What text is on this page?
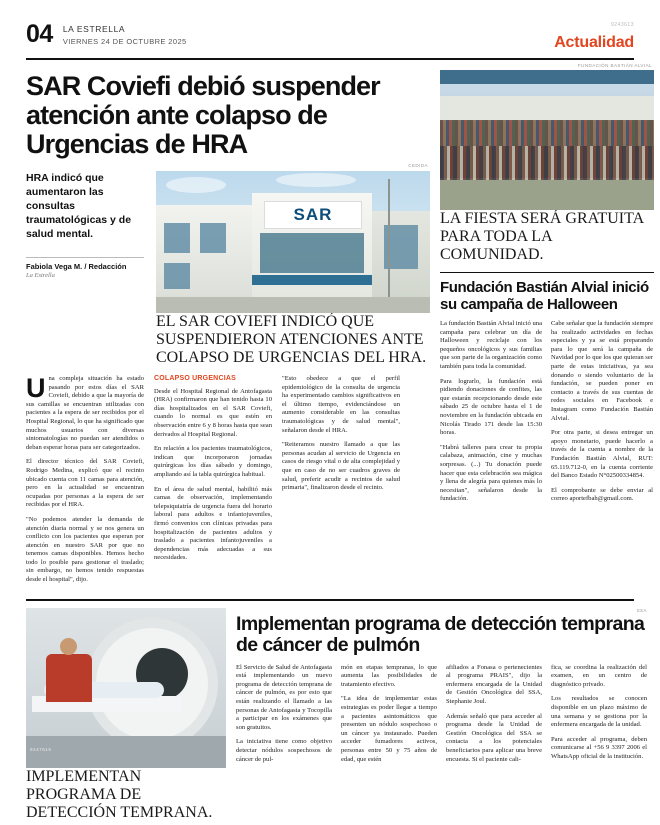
04 LA ESTRELLA
VIERNES 24 DE OCTUBRE 2025
9243613
Actualidad
SAR Coviefi debió suspender atención ante colapso de Urgencias de HRA
HRA indicó que aumentaron las consultas traumatológicas y de salud mental.
Fabiola Vega M. / Redacción
La Estrella
CEDIDA
SAR
EL SAR COVIEFI INDICÓ QUE SUSPENDIERON ATENCIONES ANTE COLAPSO DE URGENCIAS DEL HRA.

Una compleja situación ha estado pasando por estos días el SAR Coviefi, debido a que la mayoría de sus camillas se encuentran utilizadas con pacientes a la espera de ser recibidos por el Hospital Regional, lo que ha significado que muchos usuarios con diversas sintomatologías no puedan ser atendidos o deban esperar horas para ser categorizados.

El director técnico del SAR Coviefi, Rodrigo Medina, explicó que el recinto ubicado cuenta con 11 camas para atención, pero en la actualidad se encuentran ocupadas por personas a la espera de ser recibidas por el HRA.

"No podemos atender la demanda de atención diaria normal y se nos genera un conflicto con los pacientes que esperan por atención en nuestro SAR por que no tenemos camas disponibles. Hemos hecho todo lo posible para gestionar el traslado; sin embargo, no hemos tenido respuestas desde el hospital", dijo.

COLAPSO URGENCIAS

Desde el Hospital Regional de Antofagasta (HRA) confirmaron que han tenido hasta 10 días hospitalizados en el SAR Coviefi, cuando lo normal es que estén en observación entre 6 y 8 horas hasta que sean derivados al Hospital Regional.

En relación a los pacientes traumatológicos, indican que incorporaron jornadas quirúrgicas los días sábado y domingo, ampliando así la tabla quirúrgica habitual.

En el área de salud mental, habilitó más camas de observación, implementando telepsiquiatría de urgencia fuera del horario laboral para adultos e infantojuveniles, firmó convenios con clínicas privadas para hospitalización de pacientes adultos y traslado a pacientes infantojuveniles a dependencias más adecuadas a sus necesidades.

"Esto obedece a que el perfil epidemiológico de la consulta de urgencia ha experimentado cambios significativos en el último tiempo, evidenciándose un aumento considerable en las consultas traumatológicas y de salud mental", señalaron desde el HRA.

"Reiteramos nuestro llamado a que las personas acudan al servicio de Urgencia en casos de riesgo vital o de alta complejidad y que en caso de no ser cuadros graves de salud, preferir acudir a recintos de salud primaria", finalizaron desde el recinto.

FUNDACIÓN BASTIÁN ALVIAL
LA FIESTA SERÁ GRATUITA PARA TODA LA COMUNIDAD.
Fundación Bastián Alvial inició su campaña de Halloween

La fundación Bastián Alvial inició una campaña para celebrar un día de Halloween y reciclaje con los pequeños oncológicos y sus familias que son parte de la organización como también para toda la comunidad.

Para lograrlo, la fundación está pidiendo donaciones de confites, las que estarán recepcionando desde este sábado 25 de octubre hasta el 1 de noviembre en la fundación ubicada en Nicolás Tirado 171 desde las 15:30 horas.

"Habrá talleres para crear tu propia calabaza, animación, cine y muchas sorpresas. (...) Tu donación puede hacer que esta celebración sea mágica y llena de alegría para quienes más lo necesitan", señalaron desde la fundación.

Cabe señalar que la fundación siempre ha realizado actividades en fechas especiales y ya se está preparando para lo que será la campaña de Navidad por lo que los que quieran ser parte de estas iniciativas, ya sea donando o siendo voluntario de la fundación, se pueden poner en contacto a través de sus cuentas de redes sociales en Facebook e Instagram como Fundación Bastián Alvial.

Por otra parte, si desea entregar un apoyo monetario, puede hacerlo a través de la cuenta a nombre de la Fundación Bastián Alvial, RUT: 65.119.712-0, en la cuenta corriente del Banco Estado N°02500334854.

El comprobante se debe enviar al correo aportefbah@gmail.com.

9247615
IMPLEMENTAN PROGRAMA DE DETECCIÓN TEMPRANA.
SSA
Implementan programa de detección temprana de cáncer de pulmón

El Servicio de Salud de Antofagasta está implementando un nuevo programa de detección temprana de cáncer de pulmón, es por esto que están realizando el llamado a las personas de Antofagasta y Tocopilla a participar en los exámenes que son gratuitos.

La iniciativa tiene como objetivo detectar nódulos sospechosos de cáncer de pul-

món en etapas tempranas, lo que aumenta las posibilidades de tratamiento efectivo.

"La idea de implementar estas estrategias es poder llegar a tiempo a pacientes asintomáticos que presenten un nódulo sospechoso o un cáncer ya instaurado. Pueden acceder fumadores activos, personas entre 50 y 75 años de edad, que estén

afiliados a Fonasa o pertenecientes al programa PRAIS", dijo la enfermera encargada de la Unidad de Gestión Oncológica del SSA, Stephanie Joul.

Además señaló que para acceder al programa desde la Unidad de Gestión Oncológica del SSA se contacta a los potenciales beneficiarios para aplicar una breve encuesta. Si el paciente cali-

fica, se coordina la realización del examen, en un centro de diagnóstico privado.

Los resultados se conocen disponible en un plazo máximo de una semana y se gestiona por la enfermera encargada de la unidad.

Para acceder al programa, deben comunicarse al +56 9 3397 2006 el WhatsApp oficial de la institución.
